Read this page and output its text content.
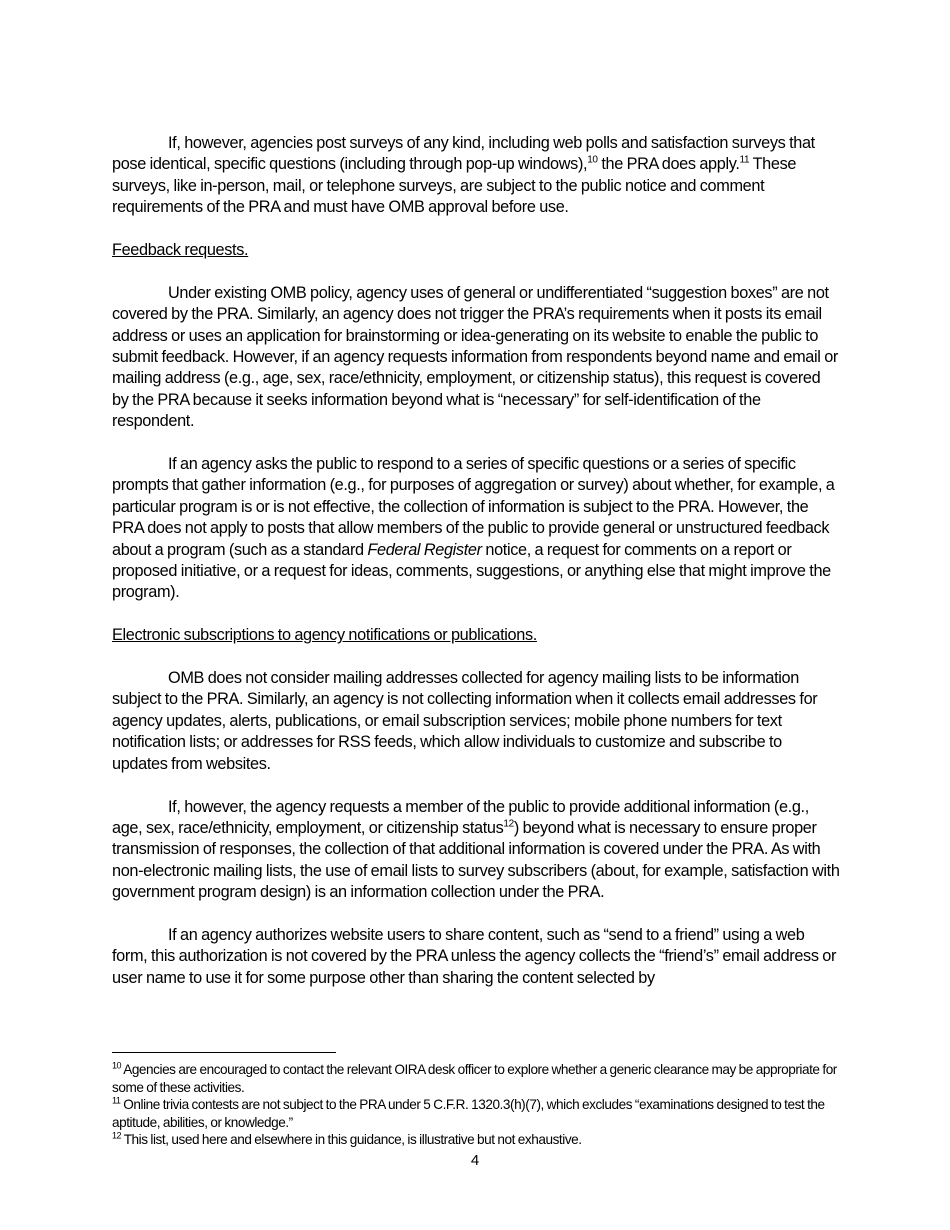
If, however, agencies post surveys of any kind, including web polls and satisfaction surveys that pose identical, specific questions (including through pop-up windows),$^{10}$ the PRA does apply.$^{11}$ These surveys, like in-person, mail, or telephone surveys, are subject to the public notice and comment requirements of the PRA and must have OMB approval before use.

Feedback requests.

Under existing OMB policy, agency uses of general or undifferentiated “suggestion boxes” are not covered by the PRA. Similarly, an agency does not trigger the PRA’s requirements when it posts its email address or uses an application for brainstorming or idea-generating on its website to enable the public to submit feedback. However, if an agency requests information from respondents beyond name and email or mailing address (e.g., age, sex, race/ethnicity, employment, or citizenship status), this request is covered by the PRA because it seeks information beyond what is “necessary” for self-identification of the respondent.

If an agency asks the public to respond to a series of specific questions or a series of specific prompts that gather information (e.g., for purposes of aggregation or survey) about whether, for example, a particular program is or is not effective, the collection of information is subject to the PRA. However, the PRA does not apply to posts that allow members of the public to provide general or unstructured feedback about a program (such as a standard Federal Register notice, a request for comments on a report or proposed initiative, or a request for ideas, comments, suggestions, or anything else that might improve the program).

Electronic subscriptions to agency notifications or publications.

OMB does not consider mailing addresses collected for agency mailing lists to be information subject to the PRA. Similarly, an agency is not collecting information when it collects email addresses for agency updates, alerts, publications, or email subscription services; mobile phone numbers for text notification lists; or addresses for RSS feeds, which allow individuals to customize and subscribe to updates from websites.

If, however, the agency requests a member of the public to provide additional information (e.g., age, sex, race/ethnicity, employment, or citizenship status$^{12}$) beyond what is necessary to ensure proper transmission of responses, the collection of that additional information is covered under the PRA. As with non-electronic mailing lists, the use of email lists to survey subscribers (about, for example, satisfaction with government program design) is an information collection under the PRA.

If an agency authorizes website users to share content, such as “send to a friend” using a web form, this authorization is not covered by the PRA unless the agency collects the “friend’s” email address or user name to use it for some purpose other than sharing the content selected by

$^{10}$ Agencies are encouraged to contact the relevant OIRA desk officer to explore whether a generic clearance may be appropriate for some of these activities.

$^{11}$ Online trivia contests are not subject to the PRA under 5 C.F.R. 1320.3(h)(7), which excludes “examinations designed to test the aptitude, abilities, or knowledge.”

$^{12}$ This list, used here and elsewhere in this guidance, is illustrative but not exhaustive.

4
